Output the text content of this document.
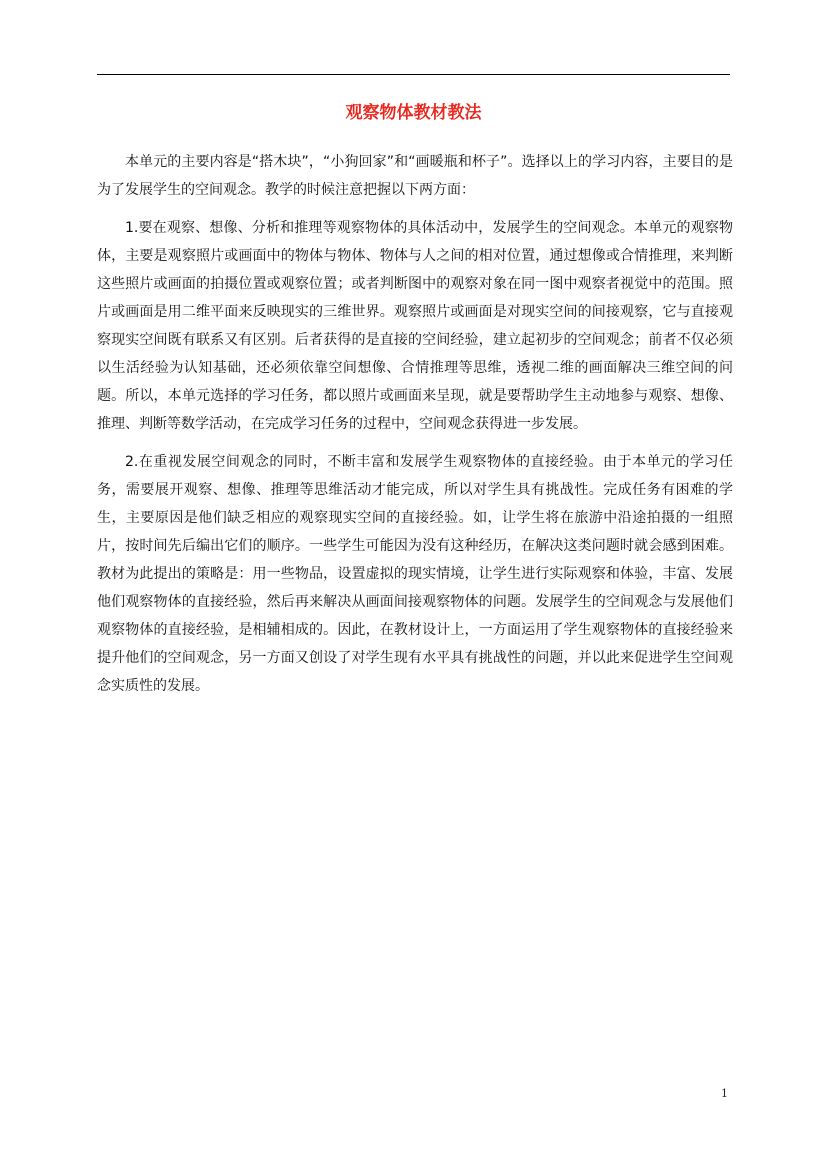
观察物体教材教法

本单元的主要内容是“搭木块”，“小狗回家”和“画暖瓶和杯子”。选择以上的学习内容，主要目的是为了发展学生的空间观念。教学的时候注意把握以下两方面：

1.要在观察、想像、分析和推理等观察物体的具体活动中，发展学生的空间观念。本单元的观察物体，主要是观察照片或画面中的物体与物体、物体与人之间的相对位置，通过想像或合情推理，来判断这些照片或画面的拍摄位置或观察位置；或者判断图中的观察对象在同一图中观察者视觉中的范围。照片或画面是用二维平面来反映现实的三维世界。观察照片或画面是对现实空间的间接观察，它与直接观察现实空间既有联系又有区别。后者获得的是直接的空间经验，建立起初步的空间观念；前者不仅必须以生活经验为认知基础，还必须依靠空间想像、合情推理等思维，透视二维的画面解决三维空间的问题。所以，本单元选择的学习任务，都以照片或画面来呈现，就是要帮助学生主动地参与观察、想像、推理、判断等数学活动，在完成学习任务的过程中，空间观念获得进一步发展。

2.在重视发展空间观念的同时，不断丰富和发展学生观察物体的直接经验。由于本单元的学习任务，需要展开观察、想像、推理等思维活动才能完成，所以对学生具有挑战性。完成任务有困难的学生，主要原因是他们缺乏相应的观察现实空间的直接经验。如，让学生将在旅游中沿途拍摄的一组照片，按时间先后编出它们的顺序。一些学生可能因为没有这种经历，在解决这类问题时就会感到困难。教材为此提出的策略是：用一些物品，设置虚拟的现实情境，让学生进行实际观察和体验，丰富、发展他们观察物体的直接经验，然后再来解决从画面间接观察物体的问题。发展学生的空间观念与发展他们观察物体的直接经验，是相辅相成的。因此，在教材设计上，一方面运用了学生观察物体的直接经验来提升他们的空间观念，另一方面又创设了对学生现有水平具有挑战性的问题，并以此来促进学生空间观念实质性的发展。

1
